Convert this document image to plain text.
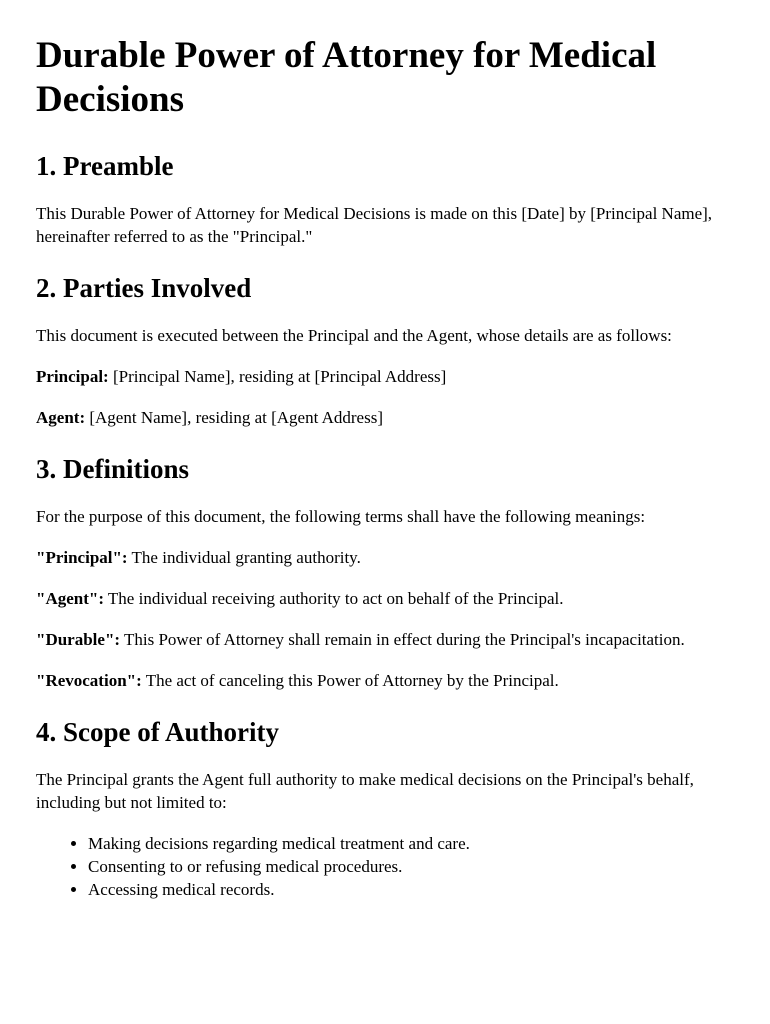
Durable Power of Attorney for Medical Decisions
1. Preamble

This Durable Power of Attorney for Medical Decisions is made on this [Date] by [Principal Name], hereinafter referred to as the "Principal."

2. Parties Involved

This document is executed between the Principal and the Agent, whose details are as follows:

Principal: [Principal Name], residing at [Principal Address]

Agent: [Agent Name], residing at [Agent Address]

3. Definitions

For the purpose of this document, the following terms shall have the following meanings:

"Principal": The individual granting authority.

"Agent": The individual receiving authority to act on behalf of the Principal.

"Durable": This Power of Attorney shall remain in effect during the Principal's incapacitation.

"Revocation": The act of canceling this Power of Attorney by the Principal.

4. Scope of Authority

The Principal grants the Agent full authority to make medical decisions on the Principal's behalf, including but not limited to:

• Making decisions regarding medical treatment and care.
• Consenting to or refusing medical procedures.
• Accessing medical records.
